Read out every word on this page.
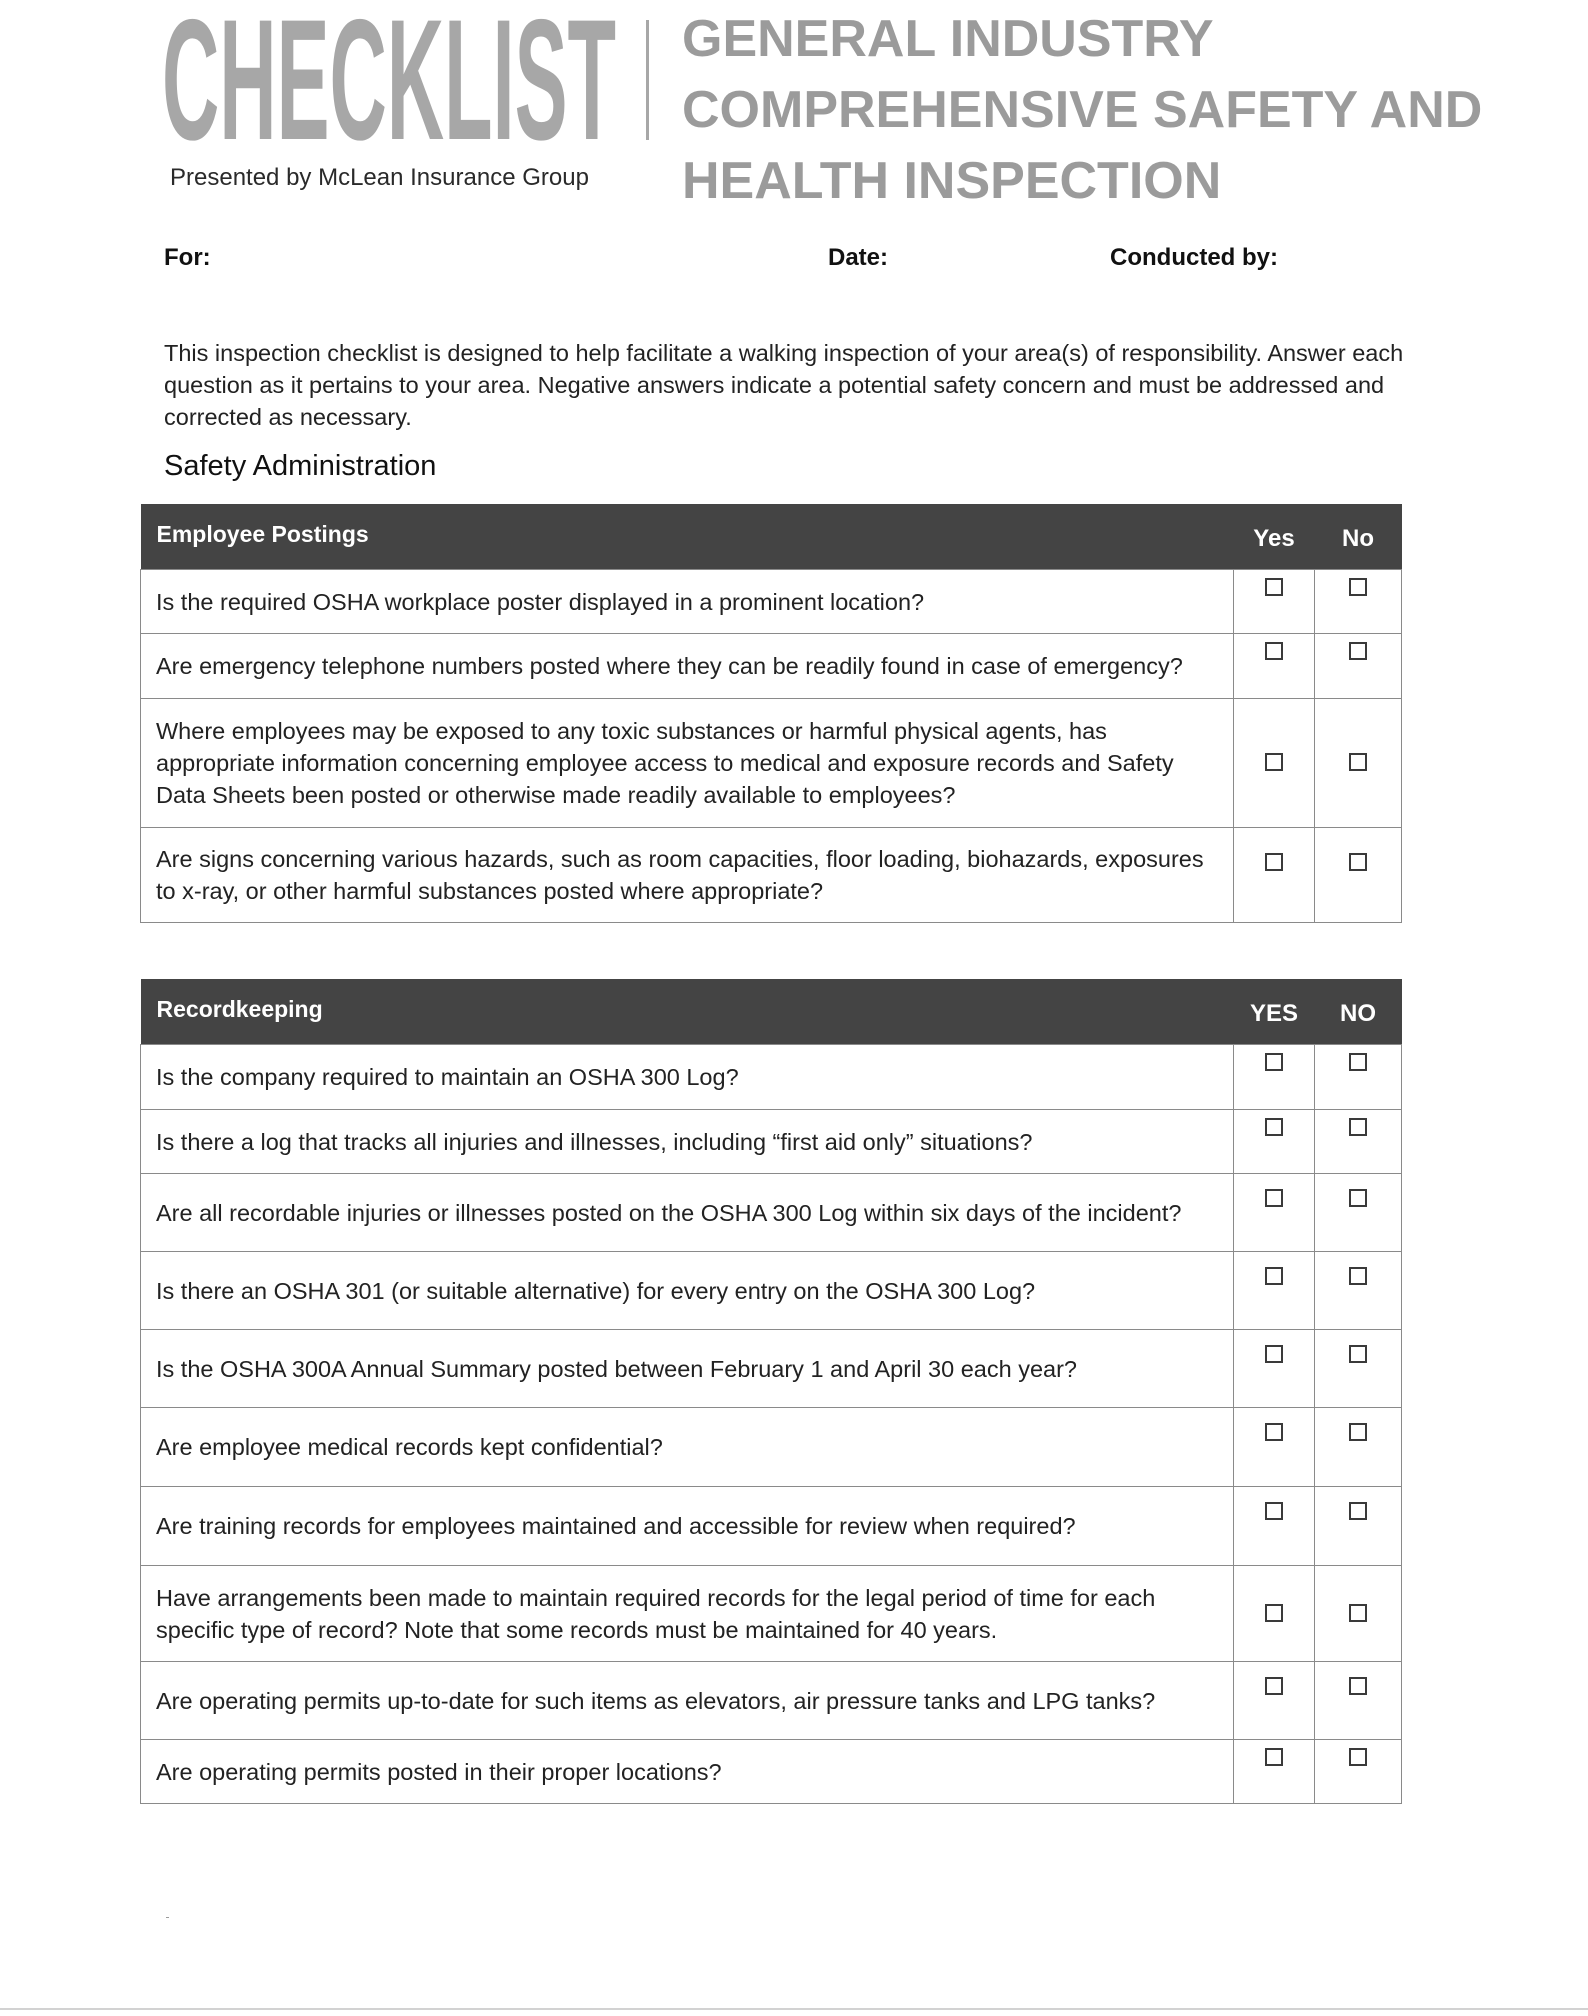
CHECKLIST
Presented by McLean Insurance Group
GENERAL INDUSTRY
COMPREHENSIVE SAFETY AND
HEALTH INSPECTION
For:	Date:	Conducted by:

This inspection checklist is designed to help facilitate a walking inspection of your area(s) of responsibility. Answer each question as it pertains to your area. Negative answers indicate a potential safety concern and must be addressed and corrected as necessary.

Safety Administration
Employee Postings	Yes	No
Is the required OSHA workplace poster displayed in a prominent location?		
Are emergency telephone numbers posted where they can be readily found in case of emergency?		
Where employees may be exposed to any toxic substances or harmful physical agents, has appropriate information concerning employee access to medical and exposure records and Safety Data Sheets been posted or otherwise made readily available to employees?		
Are signs concerning various hazards, such as room capacities, floor loading, biohazards, exposures to x-ray, or other harmful substances posted where appropriate?		
Recordkeeping	YES	NO
Is the company required to maintain an OSHA 300 Log?		
Is there a log that tracks all injuries and illnesses, including “first aid only” situations?		
Are all recordable injuries or illnesses posted on the OSHA 300 Log within six days of the incident?		
Is there an OSHA 301 (or suitable alternative) for every entry on the OSHA 300 Log?		
Is the OSHA 300A Annual Summary posted between February 1 and April 30 each year?		
Are employee medical records kept confidential?		
Are training records for employees maintained and accessible for review when required?		
Have arrangements been made to maintain required records for the legal period of time for each specific type of record? Note that some records must be maintained for 40 years.		
Are operating permits up-to-date for such items as elevators, air pressure tanks and LPG tanks?		
Are operating permits posted in their proper locations?		
